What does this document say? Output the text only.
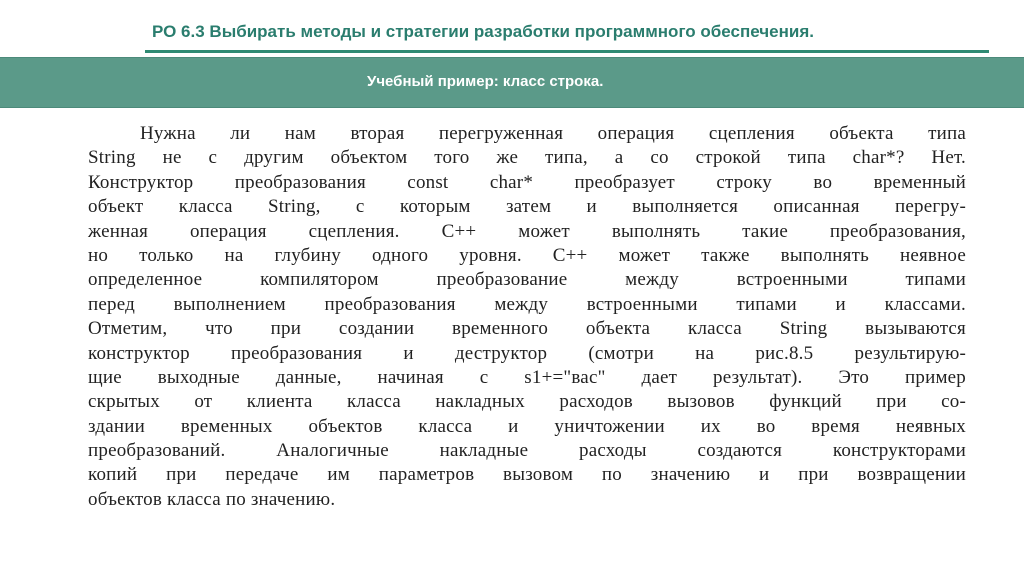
РО 6.3 Выбирать методы и стратегии разработки программного обеспечения.
Учебный пример: класс строка.
Нужна ли нам вторая перегруженная операция сцепления объекта типа
String не с другим объектом того же типа, а со строкой типа char*? Нет.
Конструктор преобразования const char* преобразует строку во временный
объект класса String, с которым затем и выполняется описанная перегру-
женная операция сцепления. С++ может выполнять такие преобразования,
но только на глубину одного уровня. С++ может также выполнять неявное
определенное компилятором преобразование между встроенными типами
перед выполнением преобразования между встроенными типами и классами.
Отметим, что при создании временного объекта класса String вызываются
конструктор преобразования и деструктор (смотри на рис.8.5 результирую-
щие выходные данные, начиная с s1+="вас" дает результат). Это пример
скрытых от клиента класса накладных расходов вызовов функций при со-
здании временных объектов класса и уничтожении их во время неявных
преобразований. Аналогичные накладные расходы создаются конструкторами
копий при передаче им параметров вызовом по значению и при возвращении
объектов класса по значению.
